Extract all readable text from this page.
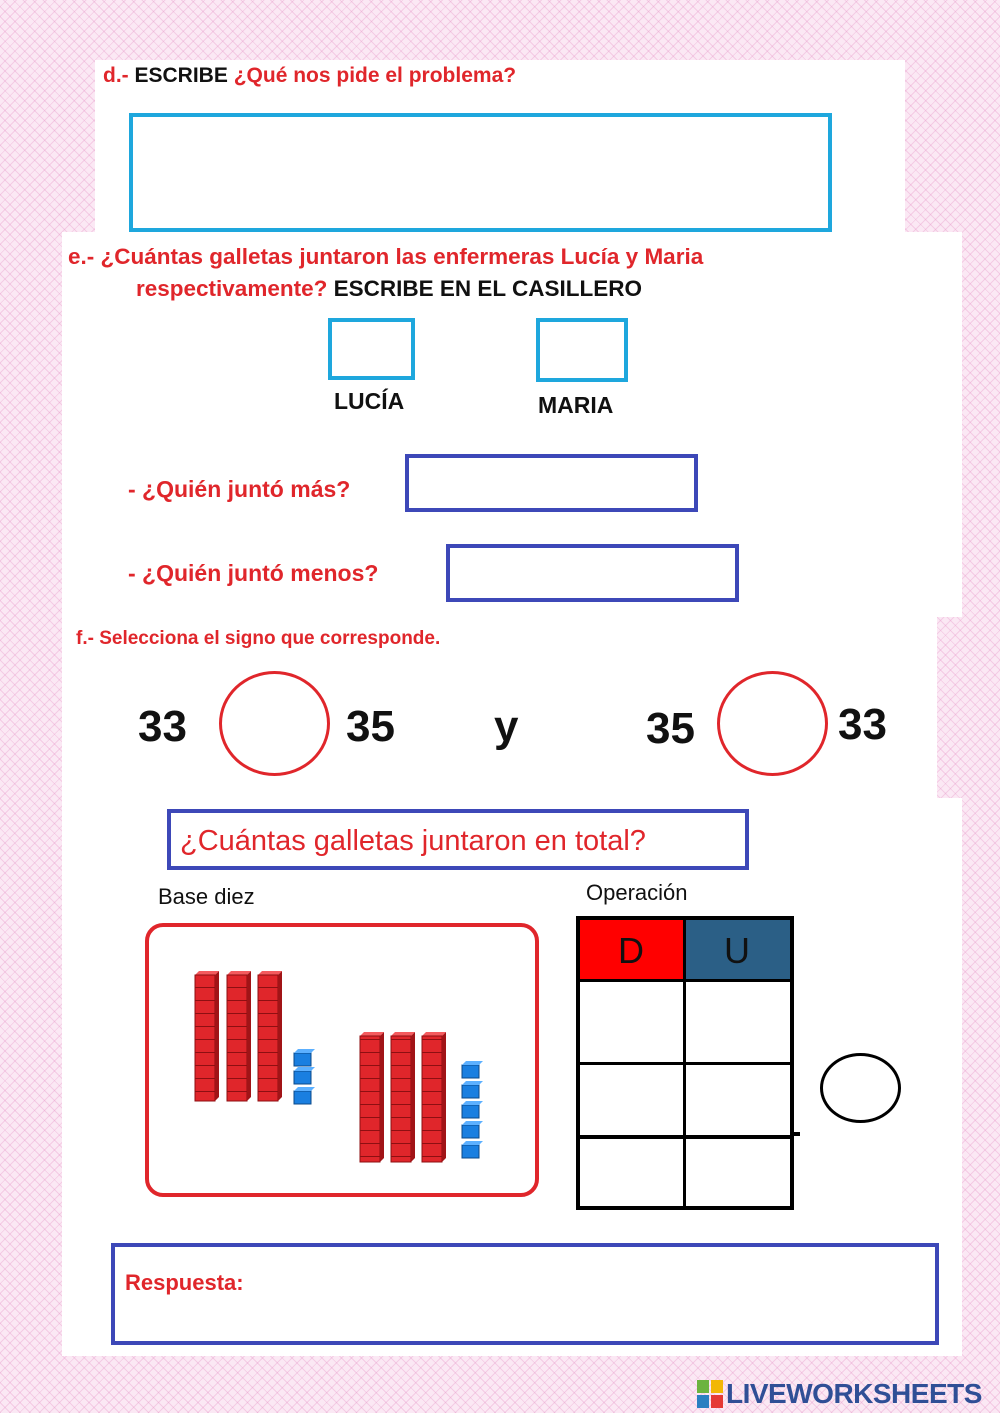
d.- ESCRIBE ¿Qué nos pide el problema?
e.- ¿Cuántas galletas juntaron las enfermeras Lucía y Maria
respectivamente? ESCRIBE EN EL CASILLERO
LUCÍA	MARIA
- ¿Quién juntó más?
- ¿Quién juntó menos?
f.- Selecciona el signo que corresponde.
33	35 y	35	33
¿Cuántas galletas juntaron en total?
Base diez	Operación
D U
Respuesta:
LIVEWORKSHEETS
